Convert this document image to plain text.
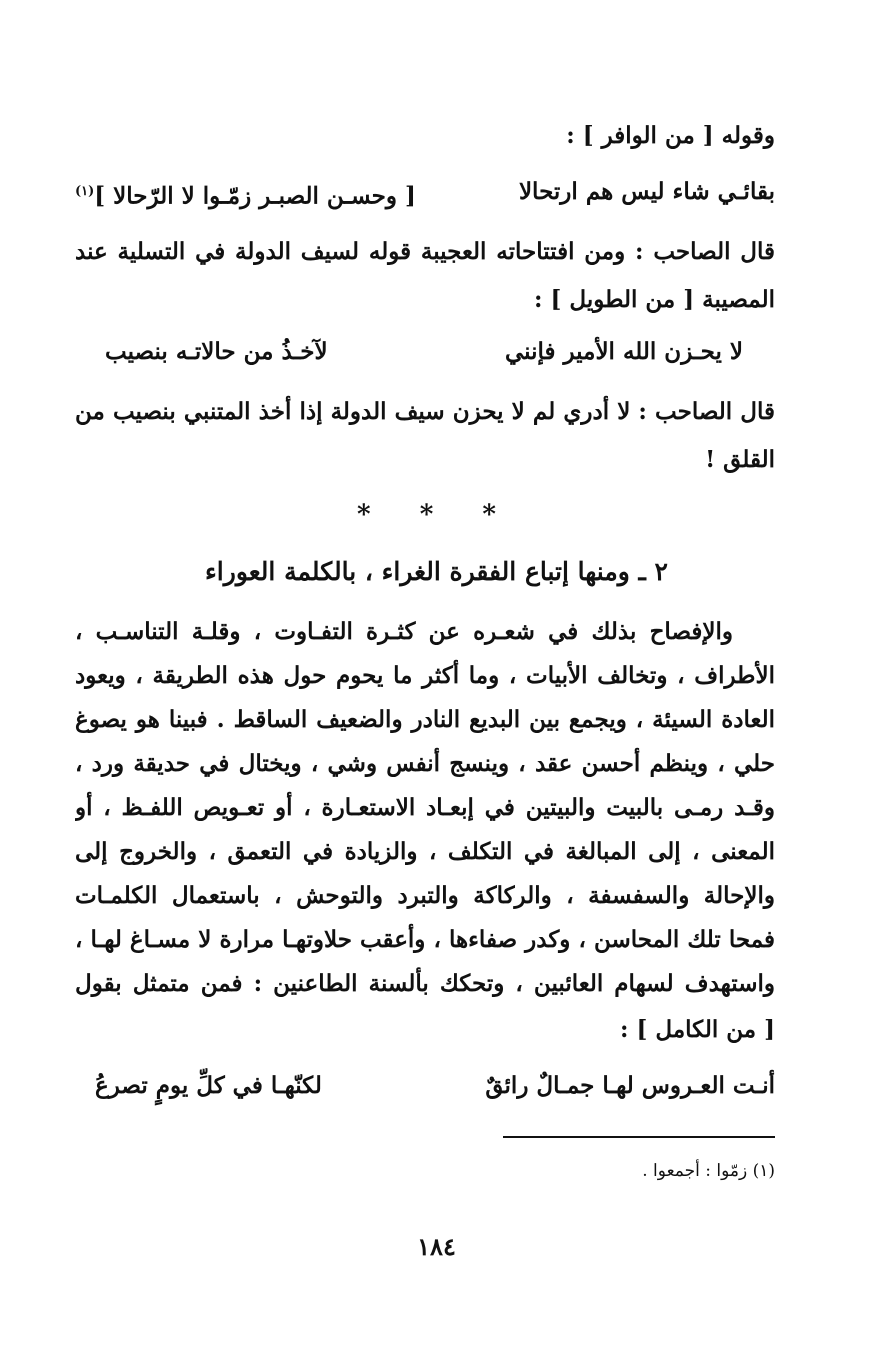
وقوله [ من الوافر ] :
بقائـي شاء ليس هم ارتحالا
[ وحسـن الصبـر زمّـوا لا الرّحالا ]$^{(١)}$
قال الصاحب : ومن افتتاحاته العجيبة قوله لسيف الدولة في التسلية عند
المصيبة [ من الطويل ] :
لا يحـزن الله الأمير فإنني
لآخـذُ من حالاتـه بنصيب
قال الصاحب : لا أدري لم لا يحزن سيف الدولة إذا أخذ المتنبي بنصيب من
القلق !
* * *
٢ ـ ومنها إتباع الفقرة الغراء ، بالكلمة العوراء
والإفصاح بذلك في شعـره عن كثـرة التفـاوت ، وقلـة التناسـب ،
الأطراف ، وتخالف الأبيات ، وما أكثر ما يحوم حول هذه الطريقة ، ويعود
العادة السيئة ، ويجمع بين البديع النادر والضعيف الساقط . فبينا هو يصوغ
حلي ، وينظم أحسن عقد ، وينسج أنفس وشي ، ويختال في حديقة ورد ،
وقـد رمـى بالبيت والبيتين في إبعـاد الاستعـارة ، أو تعـويص اللفـظ ، أو
المعنى ، إلى المبالغة في التكلف ، والزيادة في التعمق ، والخروج إلى
والإحالة والسفسفة ، والركاكة والتبرد والتوحش ، باستعمال الكلمـات
فمحا تلك المحاسن ، وكدر صفاءها ، وأعقب حلاوتهـا مرارة لا مسـاغ لهـا ،
واستهدف لسهام العائبين ، وتحكك بألسنة الطاعنين : فمن متمثل بقول
[ من الكامل ] :
أنـت العـروس لهـا جمـالٌ رائقٌ
لكنّهـا في كلِّ يومٍ تصرعُ
(١) زمّوا : أجمعوا .
١٨٤
